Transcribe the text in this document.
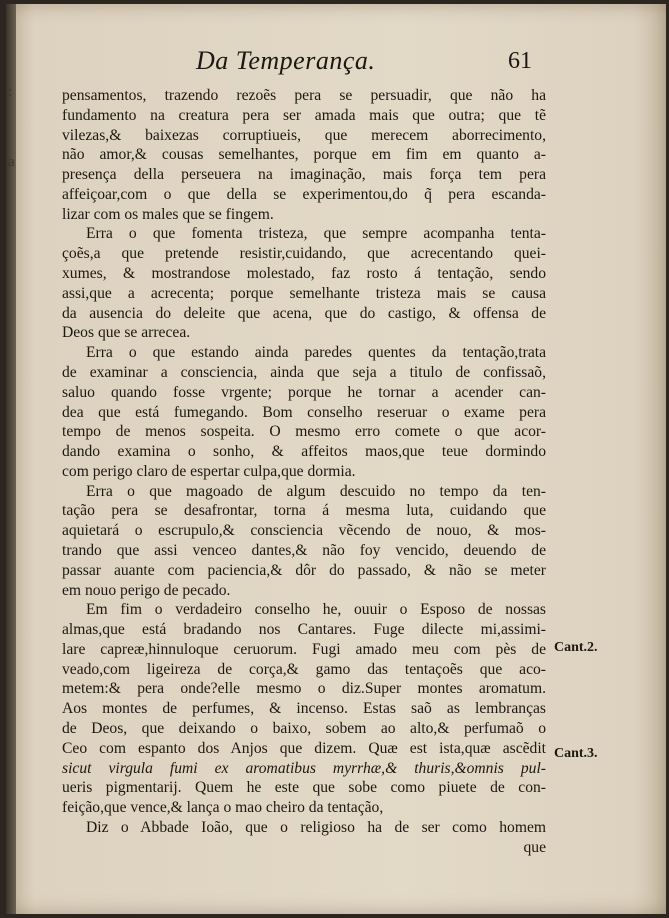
:
a
Da Temperança.	61
pensamentos, trazendo rezoẽs pera se persuadir, que não ha
fundamento na creatura pera ser amada mais que outra; que tẽ
vilezas,& baixezas corruptiueis, que merecem aborrecimento,
não amor,& cousas semelhantes, porque em fim em quanto a-
presença della perseuera na imaginação, mais força tem pera
affeiçoar,com o que della se experimentou,do q̃ pera escanda-
lizar com os males que se fingem.
Erra o que fomenta tristeza, que sempre acompanha tenta-
çoẽs,a que pretende resistir,cuidando, que acrecentando quei-
xumes, & mostrandose molestado, faz rosto á tentação, sendo
assi,que a acrecenta; porque semelhante tristeza mais se causa
da ausencia do deleite que acena, que do castigo, & offensa de
Deos que se arrecea.
Erra o que estando ainda paredes quentes da tentação,trata
de examinar a consciencia, ainda que seja a titulo de confissaõ,
saluo quando fosse vrgente; porque he tornar a acender can-
dea que está fumegando. Bom conselho reseruar o exame pera
tempo de menos sospeita. O mesmo erro comete o que acor-
dando examina o sonho, & affeitos maos,que teue dormindo
com perigo claro de espertar culpa,que dormia.
Erra o que magoado de algum descuido no tempo da ten-
tação pera se desafrontar, torna á mesma luta, cuidando que
aquietará o escrupulo,& consciencia vẽcendo de nouo, & mos-
trando que assi venceo dantes,& não foy vencido, deuendo de
passar auante com paciencia,& dôr do passado, & não se meter
em nouo perigo de pecado.
Em fim o verdadeiro conselho he, ouuir o Esposo de nossas
almas,que está bradando nos Cantares. Fuge dilecte mi,assimi-
lare capreæ,hinnuloque ceruorum. Fugi amado meu com pès de
veado,com ligeireza de corça,& gamo das tentaçoẽs que aco-
metem:& pera onde?elle mesmo o diz.Super montes aromatum.
Aos montes de perfumes, & incenso. Estas saõ as lembranças
de Deos, que deixando o baixo, sobem ao alto,& perfumaõ o
Ceo com espanto dos Anjos que dizem. Quæ est ista,quæ ascẽdit
sicut virgula fumi ex aromatibus myrrhæ,& thuris,&omnis pul-
ueris pigmentarij. Quem he este que sobe como piuete de con-
feição,que vence,& lança o mao cheiro da tentação,
Diz o Abbade Ioão, que o religioso ha de ser como homem
que
Cant.2.
Cant.3.
